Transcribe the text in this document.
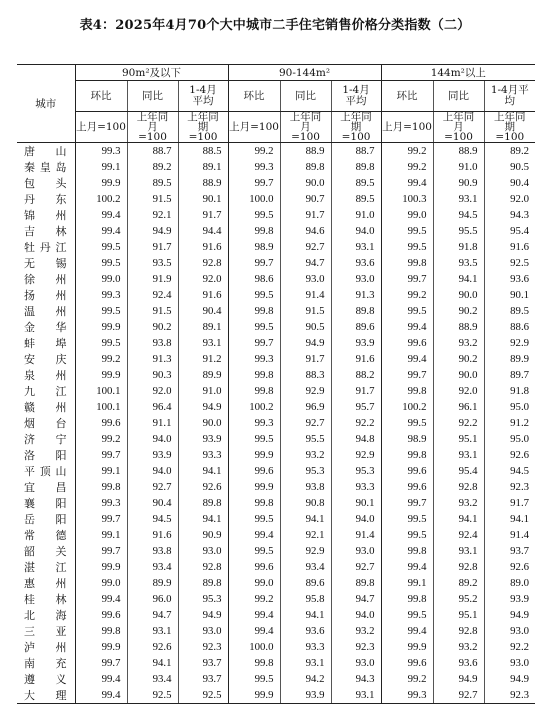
表4：2025年4月70个大中城市二手住宅销售价格分类指数（二）
城市	90m²及以下			90-144m²			144m²以上		
	环比	同比	1-4月平均	环比	同比	1-4月平均	环比	同比	1-4月平均
	上月=100	上年同月=100	上年同期=100	上月=100	上年同月=100	上年同期=100	上月=100	上年同月=100	上年同期=100
唐山	99.3	88.7	88.5	99.2	88.9	88.7	99.2	88.9	89.2
秦皇岛	99.1	89.2	89.1	99.3	89.8	89.8	99.2	91.0	90.5
包头	99.9	89.5	88.9	99.7	90.0	89.5	99.4	90.9	90.4
丹东	100.2	91.5	90.1	100.0	90.7	89.5	100.3	93.1	92.0
锦州	99.4	92.1	91.7	99.5	91.7	91.0	99.0	94.5	94.3
吉林	99.4	94.9	94.4	99.8	94.6	94.0	99.5	95.5	95.4
牡丹江	99.5	91.7	91.6	98.9	92.7	93.1	99.5	91.8	91.6
无锡	99.5	93.5	92.8	99.7	94.7	93.6	99.8	93.5	92.5
徐州	99.0	91.9	92.0	98.6	93.0	93.0	99.7	94.1	93.6
扬州	99.3	92.4	91.6	99.5	91.4	91.3	99.2	90.0	90.1
温州	99.5	91.5	90.4	99.8	91.5	89.8	99.5	90.2	89.5
金华	99.9	90.2	89.1	99.5	90.5	89.6	99.4	88.9	88.6
蚌埠	99.5	93.8	93.1	99.7	94.9	93.9	99.6	93.2	92.9
安庆	99.2	91.3	91.2	99.3	91.7	91.6	99.4	90.2	89.9
泉州	99.9	90.3	89.9	99.8	88.3	88.2	99.7	90.0	89.7
九江	100.1	92.0	91.0	99.8	92.9	91.7	99.8	92.0	91.8
赣州	100.1	96.4	94.9	100.2	96.9	95.7	100.2	96.1	95.0
烟台	99.6	91.1	90.0	99.3	92.7	92.2	99.5	92.2	91.2
济宁	99.2	94.0	93.9	99.5	95.5	94.8	98.9	95.1	95.0
洛阳	99.7	93.9	93.3	99.9	93.2	92.9	99.8	93.1	92.6
平顶山	99.1	94.0	94.1	99.6	95.3	95.3	99.6	95.4	94.5
宜昌	99.8	92.7	92.6	99.9	93.8	93.3	99.6	92.8	92.3
襄阳	99.3	90.4	89.8	99.8	90.8	90.1	99.7	93.2	91.7
岳阳	99.7	94.5	94.1	99.5	94.1	94.0	99.5	94.1	94.1
常德	99.1	91.6	90.9	99.4	92.1	91.4	99.5	92.4	91.4
韶关	99.7	93.8	93.0	99.5	92.9	93.0	99.8	93.1	93.7
湛江	99.9	93.4	92.8	99.6	93.4	92.7	99.4	92.8	92.6
惠州	99.0	89.9	89.8	99.0	89.6	89.8	99.1	89.2	89.0
桂林	99.4	96.0	95.3	99.2	95.8	94.7	99.8	95.2	93.9
北海	99.6	94.7	94.9	99.4	94.1	94.0	99.5	95.1	94.9
三亚	99.8	93.1	93.0	99.4	93.6	93.2	99.4	92.8	93.0
泸州	99.9	92.6	92.3	100.0	93.3	92.3	99.9	93.2	92.2
南充	99.7	94.1	93.7	99.8	93.1	93.0	99.6	93.6	93.0
遵义	99.4	93.4	93.7	99.5	94.2	94.3	99.2	94.9	94.9
大理	99.4	92.5	92.5	99.9	93.9	93.1	99.3	92.7	92.3
